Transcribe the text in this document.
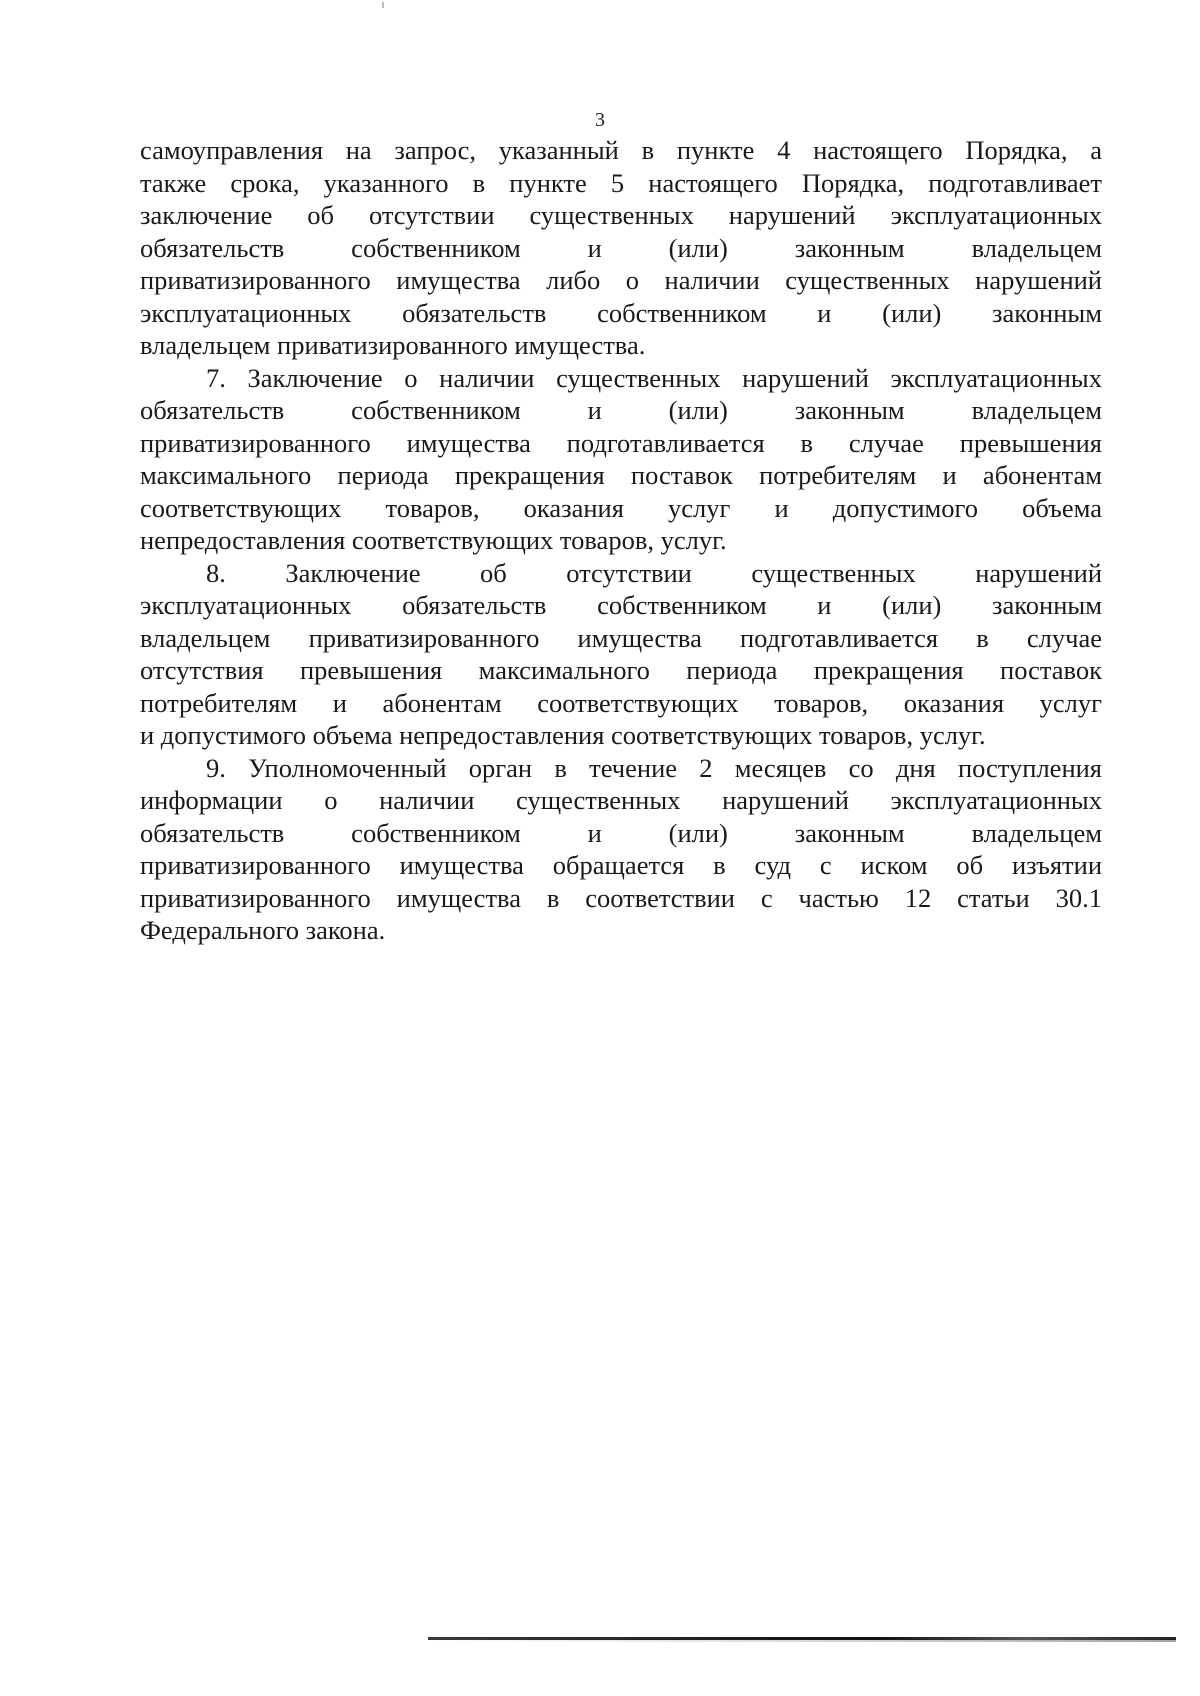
3

самоуправления на запрос, указанный в пункте 4 настоящего Порядка, а
также срока, указанного в пункте 5 настоящего Порядка, подготавливает
заключение об отсутствии существенных нарушений эксплуатационных
обязательств собственником и (или) законным владельцем
приватизированного имущества либо о наличии существенных нарушений
эксплуатационных обязательств собственником и (или) законным
владельцем приватизированного имущества.

7. Заключение о наличии существенных нарушений эксплуатационных
обязательств собственником и (или) законным владельцем
приватизированного имущества подготавливается в случае превышения
максимального периода прекращения поставок потребителям и абонентам
соответствующих товаров, оказания услуг и допустимого объема
непредоставления соответствующих товаров, услуг.

8. Заключение об отсутствии существенных нарушений
эксплуатационных обязательств собственником и (или) законным
владельцем приватизированного имущества подготавливается в случае
отсутствия превышения максимального периода прекращения поставок
потребителям и абонентам соответствующих товаров, оказания услуг
и допустимого объема непредоставления соответствующих товаров, услуг.

9. Уполномоченный орган в течение 2 месяцев со дня поступления
информации о наличии существенных нарушений эксплуатационных
обязательств собственником и (или) законным владельцем
приватизированного имущества обращается в суд с иском об изъятии
приватизированного имущества в соответствии с частью 12 статьи 30.1
Федерального закона.
